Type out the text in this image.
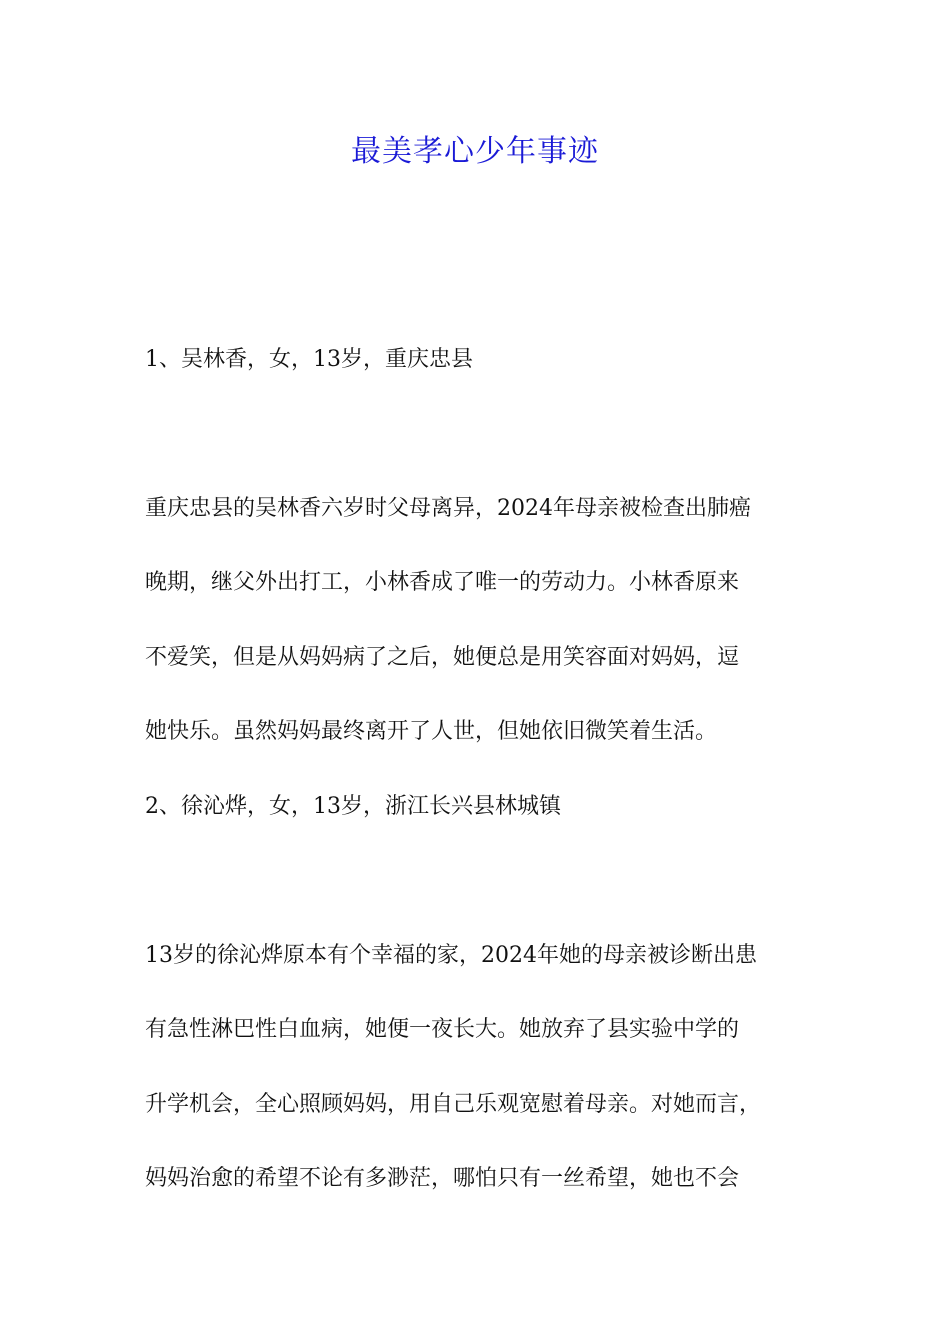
最美孝心少年事迹
1、吴林香，女，13岁，重庆忠县
重庆忠县的吴林香六岁时父母离异，2024年母亲被检查出肺癌
晚期，继父外出打工，小林香成了唯一的劳动力。小林香原来
不爱笑，但是从妈妈病了之后，她便总是用笑容面对妈妈，逗
她快乐。虽然妈妈最终离开了人世，但她依旧微笑着生活。
2、徐沁烨，女，13岁，浙江长兴县林城镇
13岁的徐沁烨原本有个幸福的家，2024年她的母亲被诊断出患
有急性淋巴性白血病，她便一夜长大。她放弃了县实验中学的
升学机会，全心照顾妈妈，用自己乐观宽慰着母亲。对她而言，
妈妈治愈的希望不论有多渺茫，哪怕只有一丝希望，她也不会
